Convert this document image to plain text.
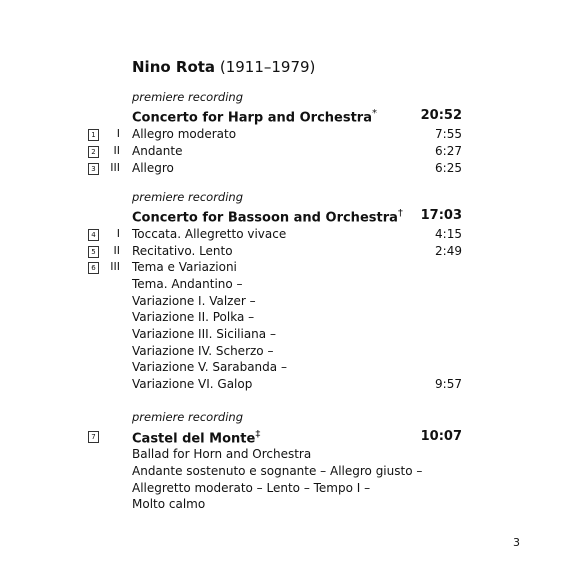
Nino Rota (1911–1979)
premiere recording
Concerto for Harp and Orchestra*	20:52
1 I Allegro moderato	7:55
2 II Andante	6:27
3 III Allegro	6:25
premiere recording
Concerto for Bassoon and Orchestra† 17:03
4 I Toccata. Allegretto vivace	4:15
5 II Recitativo. Lento	2:49
6 III Tema e Variazioni
Tema. Andantino –
Variazione I. Valzer –
Variazione II. Polka –
Variazione III. Siciliana –
Variazione IV. Scherzo –
Variazione V. Sarabanda –
Variazione VI. Galop	9:57
premiere recording
7	Castel del Monte‡	10:07
Ballad for Horn and Orchestra
Andante sostenuto e sognante – Allegro giusto –
Allegretto moderato – Lento – Tempo I –
Molto calmo
3
